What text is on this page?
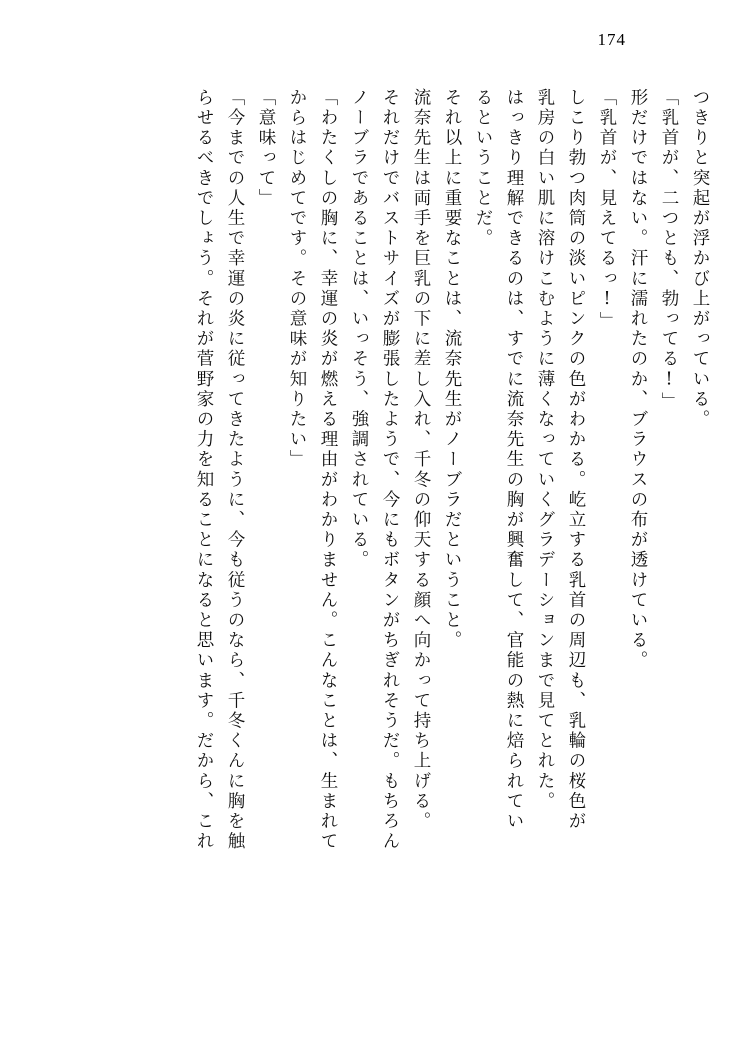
174
つきりと突起が浮かび上がっている。
「乳首が、二つとも、勃ってる!」
形だけではない。汗に濡れたのか、ブラウスの布が透けている。
「乳首が、見えてるっ!」
しこり勃つ肉筒の淡いピンクの色がわかる。屹立する乳首の周辺も、乳輪の桜色が
乳房の白い肌に溶けこむように薄くなっていくグラデーションまで見てとれた。
はっきり理解できるのは、すでに流奈先生の胸が興奮して、官能の熱に焙られてい
るということだ。
それ以上に重要なことは、流奈先生がノーブラだということ。
流奈先生は両手を巨乳の下に差し入れ、千冬の仰天する顔へ向かって持ち上げる。
それだけでバストサイズが膨張したようで、今にもボタンがちぎれそうだ。もちろん
ノーブラであることは、いっそう、強調されている。
「わたくしの胸に、幸運の炎が燃える理由がわかりません。こんなことは、生まれて
からはじめてです。その意味が知りたい」
「意味って」
「今までの人生で幸運の炎に従ってきたように、今も従うのなら、千冬くんに胸を触
らせるべきでしょう。それが菅野家の力を知ることになると思います。だから、これ
